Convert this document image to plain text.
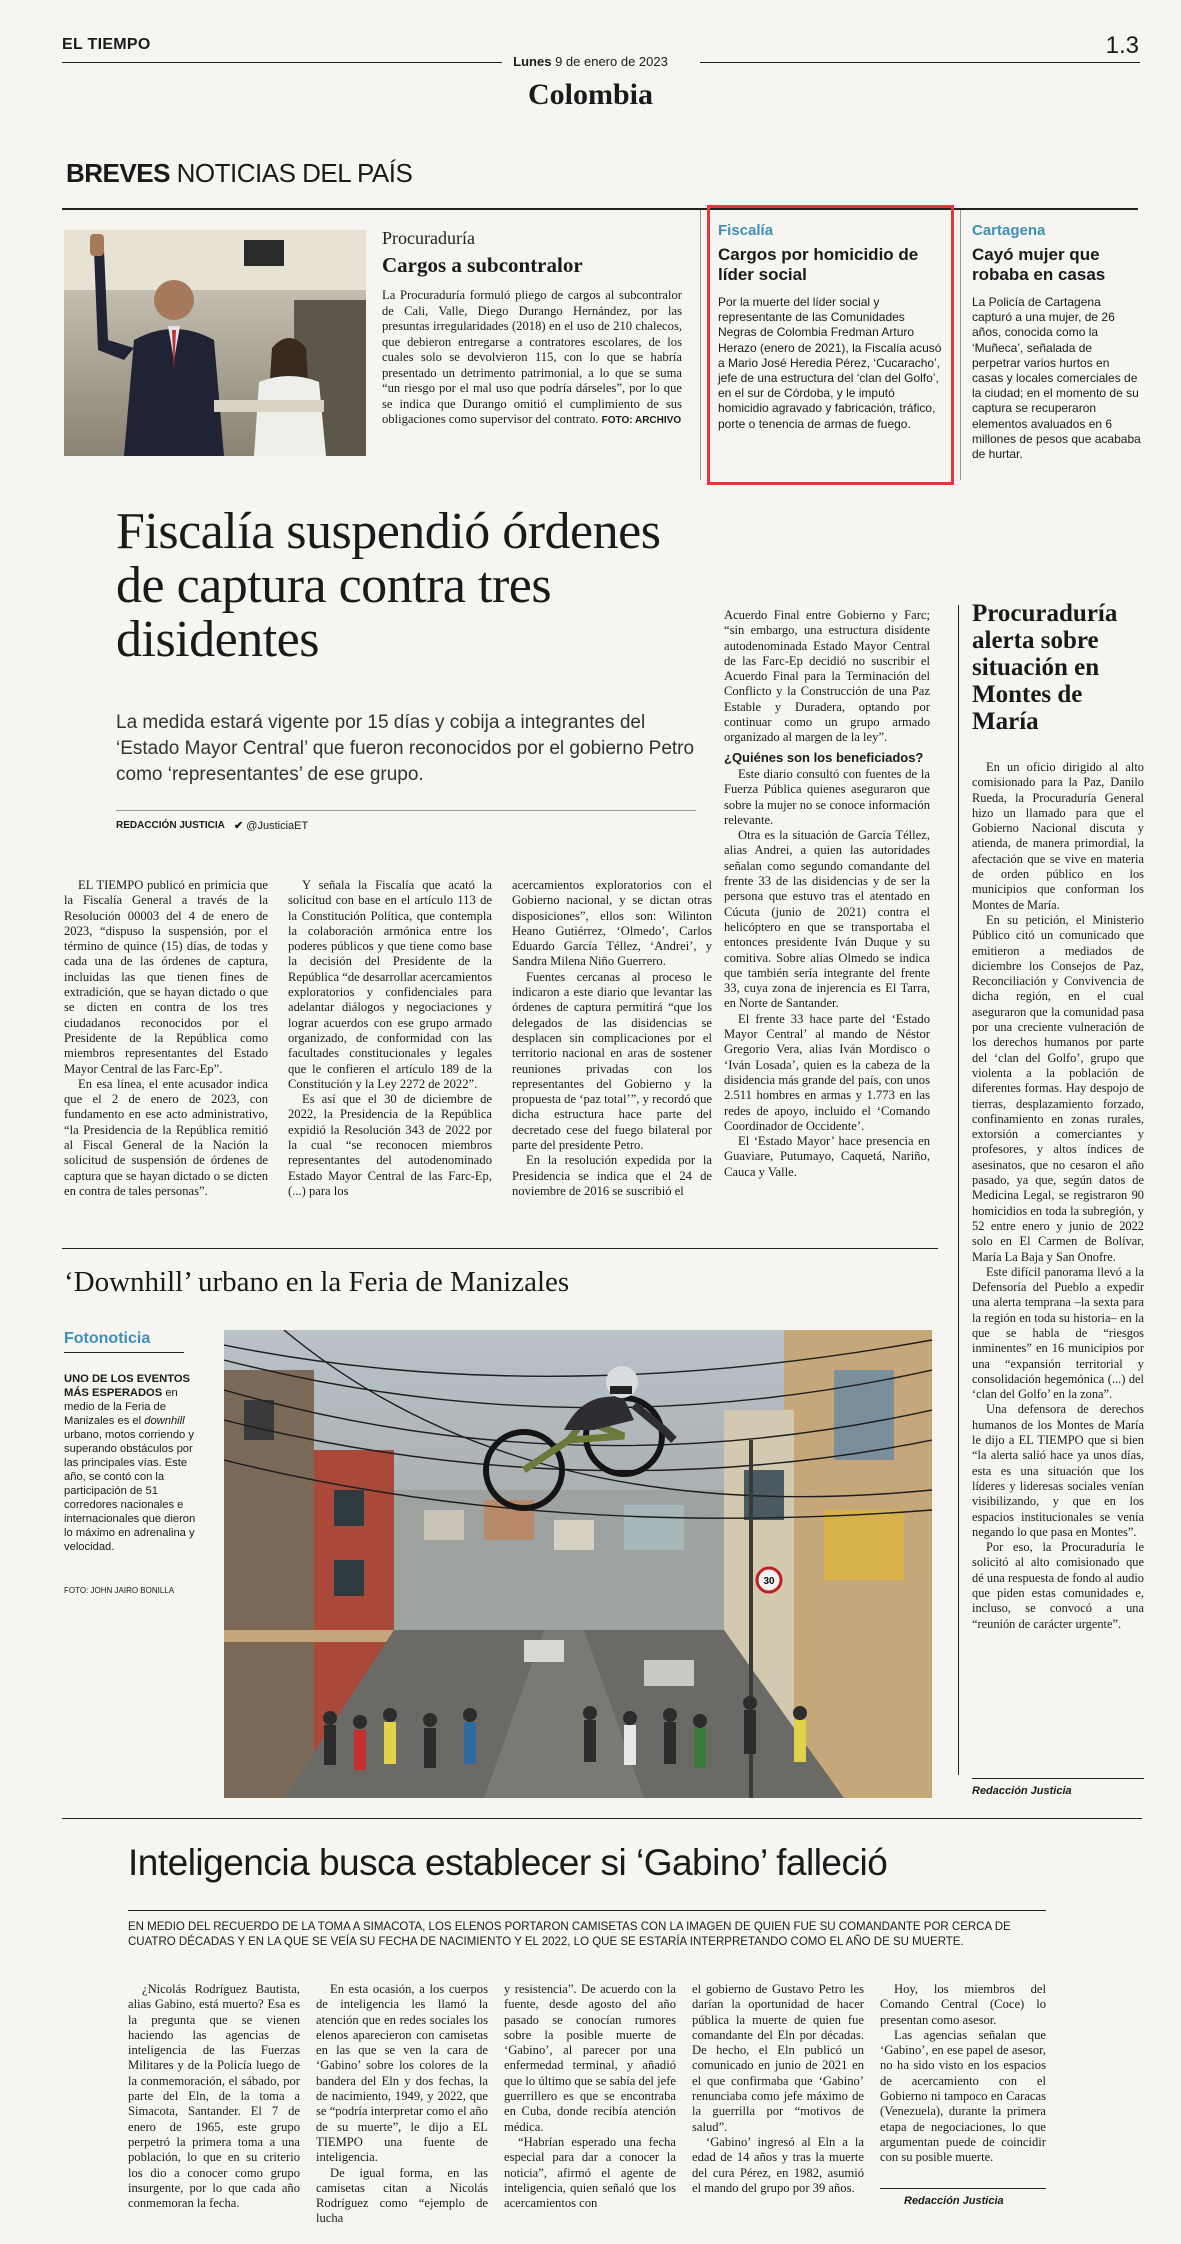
EL TIEMPO
Lunes 9 de enero de 2023
Colombia
1.3
BREVES NOTICIAS DEL PAÍS
Procuraduría
Cargos a subcontralor
La Procuraduría formuló pliego de cargos al subcontralor de Cali, Valle, Diego Durango Hernández, por las presuntas irregularidades (2018) en el uso de 210 chalecos, que debieron entregarse a contratores escolares, de los cuales solo se devolvieron 115, con lo que se habría presentado un detrimento patrimonial, a lo que se suma “un riesgo por el mal uso que podría dárseles”, por lo que se indica que Durango omitió el cumplimiento de sus obligaciones como supervisor del contrato. FOTO: ARCHIVO
Fiscalía
Cargos por homicidio de líder social
Por la muerte del líder social y representante de las Comunidades Negras de Colombia Fredman Arturo Herazo (enero de 2021), la Fiscalía acusó a Mario José Heredia Pérez, ‘Cucaracho’, jefe de una estructura del ‘clan del Golfo’, en el sur de Córdoba, y le imputó homicidio agravado y fabricación, tráfico, porte o tenencia de armas de fuego.
Cartagena
Cayó mujer que robaba en casas
La Policía de Cartagena capturó a una mujer, de 26 años, conocida como la ‘Muñeca’, señalada de perpetrar varios hurtos en casas y locales comerciales de la ciudad; en el momento de su captura se recuperaron elementos avaluados en 6 millones de pesos que acababa de hurtar.
Fiscalía suspendió órdenes de captura contra tres disidentes
La medida estará vigente por 15 días y cobija a integrantes del ‘Estado Mayor Central’ que fueron reconocidos por el gobierno Petro como ‘representantes’ de ese grupo.
REDACCIÓN JUSTICIA ✔ @JusticiaET

Acuerdo Final entre Gobierno y Farc; “sin embargo, una estructura disidente autodenominada Estado Mayor Central de las Farc-Ep decidió no suscribir el Acuerdo Final para la Terminación del Conflicto y la Construcción de una Paz Estable y Duradera, optando por continuar como un grupo armado organizado al margen de la ley”.

¿Quiénes son los beneficiados?

Este diario consultó con fuentes de la Fuerza Pública quienes aseguraron que sobre la mujer no se conoce información relevante.

Otra es la situación de García Téllez, alias Andrei, a quien las autoridades señalan como segundo comandante del frente 33 de las disidencias y de ser la persona que estuvo tras el atentado en Cúcuta (junio de 2021) contra el helicóptero en que se transportaba el entonces presidente Iván Duque y su comitiva. Sobre alias Olmedo se indica que también sería integrante del frente 33, cuya zona de injerencia es El Tarra, en Norte de Santander.

El frente 33 hace parte del ‘Estado Mayor Central’ al mando de Néstor Gregorio Vera, alias Iván Mordisco o ‘Iván Losada’, quien es la cabeza de la disidencia más grande del país, con unos 2.511 hombres en armas y 1.773 en las redes de apoyo, incluido el ‘Comando Coordinador de Occidente’.

El ‘Estado Mayor’ hace presencia en Guaviare, Putumayo, Caquetá, Nariño, Cauca y Valle.

EL TIEMPO publicó en primicia que la Fiscalía General a través de la Resolución 00003 del 4 de enero de 2023, “dispuso la suspensión, por el término de quince (15) días, de todas y cada una de las órdenes de captura, incluidas las que tienen fines de extradición, que se hayan dictado o que se dicten en contra de los tres ciudadanos reconocidos por el Presidente de la República como miembros representantes del Estado Mayor Central de las Farc-Ep”.

En esa línea, el ente acusador indica que el 2 de enero de 2023, con fundamento en ese acto administrativo, “la Presidencia de la República remitió al Fiscal General de la Nación la solicitud de suspensión de órdenes de captura que se hayan dictado o se dicten en contra de tales personas”.

Y señala la Fiscalía que acató la solicitud con base en el artículo 113 de la Constitución Política, que contempla la colaboración armónica entre los poderes públicos y que tiene como base la decisión del Presidente de la República “de desarrollar acercamientos exploratorios y confidenciales para adelantar diálogos y negociaciones y lograr acuerdos con ese grupo armado organizado, de conformidad con las facultades constitucionales y legales que le confieren el artículo 189 de la Constitución y la Ley 2272 de 2022”.

Es así que el 30 de diciembre de 2022, la Presidencia de la República expidió la Resolución 343 de 2022 por la cual “se reconocen miembros representantes del autodenominado Estado Mayor Central de las Farc-Ep, (...) para los

acercamientos exploratorios con el Gobierno nacional, y se dictan otras disposiciones”, ellos son: Wilinton Heano Gutiérrez, ‘Olmedo’, Carlos Eduardo García Téllez, ‘Andrei’, y Sandra Milena Niño Guerrero.

Fuentes cercanas al proceso le indicaron a este diario que levantar las órdenes de captura permitirá “que los delegados de las disidencias se desplacen sin complicaciones por el territorio nacional en aras de sostener reuniones privadas con los representantes del Gobierno y la propuesta de ‘paz total’”, y recordó que dicha estructura hace parte del decretado cese del fuego bilateral por parte del presidente Petro.

En la resolución expedida por la Presidencia se indica que el 24 de noviembre de 2016 se suscribió el

Procuraduría alerta sobre situación en Montes de María

En un oficio dirigido al alto comisionado para la Paz, Danilo Rueda, la Procuraduría General hizo un llamado para que el Gobierno Nacional discuta y atienda, de manera primordial, la afectación que se vive en materia de orden público en los municipios que conforman los Montes de María.

En su petición, el Ministerio Público citó un comunicado que emitieron a mediados de diciembre los Consejos de Paz, Reconciliación y Convivencia de dicha región, en el cual aseguraron que la comunidad pasa por una creciente vulneración de los derechos humanos por parte del ‘clan del Golfo’, grupo que violenta a la población de diferentes formas. Hay despojo de tierras, desplazamiento forzado, confinamiento en zonas rurales, extorsión a comerciantes y profesores, y altos índices de asesinatos, que no cesaron el año pasado, ya que, según datos de Medicina Legal, se registraron 90 homicidios en toda la subregión, y 52 entre enero y junio de 2022 solo en El Carmen de Bolívar, María La Baja y San Onofre.

Este difícil panorama llevó a la Defensoría del Pueblo a expedir una alerta temprana –la sexta para la región en toda su historia– en la que se habla de “riesgos inminentes” en 16 municipios por una “expansión territorial y consolidación hegemónica (...) del ‘clan del Golfo’ en la zona”.

Una defensora de derechos humanos de los Montes de María le dijo a EL TIEMPO que si bien “la alerta salió hace ya unos días, esta es una situación que los líderes y lideresas sociales venían visibilizando, y que en los espacios institucionales se venía negando lo que pasa en Montes”.

Por eso, la Procuraduría le solicitó al alto comisionado que dé una respuesta de fondo al audio que piden estas comunidades e, incluso, se convocó a una “reunión de carácter urgente”.

Redacción Justicia
‘Downhill’ urbano en la Feria de Manizales
Fotonoticia
UNO DE LOS EVENTOS MÁS ESPERADOS en medio de la Feria de Manizales es el downhill urbano, motos corriendo y superando obstáculos por las principales vías. Este año, se contó con la participación de 51 corredores nacionales e internacionales que dieron lo máximo en adrenalina y velocidad.
FOTO: JOHN JAIRO BONILLA
30
Inteligencia busca establecer si ‘Gabino’ falleció
EN MEDIO DEL RECUERDO DE LA TOMA A SIMACOTA, LOS ELENOS PORTARON CAMISETAS CON LA IMAGEN DE QUIEN FUE SU COMANDANTE POR CERCA DE CUATRO DÉCADAS Y EN LA QUE SE VEÍA SU FECHA DE NACIMIENTO Y EL 2022, LO QUE SE ESTARÍA INTERPRETANDO COMO EL AÑO DE SU MUERTE.

¿Nicolás Rodríguez Bautista, alias Gabino, está muerto? Esa es la pregunta que se vienen haciendo las agencias de inteligencia de las Fuerzas Militares y de la Policía luego de la conmemoración, el sábado, por parte del Eln, de la toma a Simacota, Santander. El 7 de enero de 1965, este grupo perpetró la primera toma a una población, lo que en su criterio los dio a conocer como grupo insurgente, por lo que cada año conmemoran la fecha.

En esta ocasión, a los cuerpos de inteligencia les llamó la atención que en redes sociales los elenos aparecieron con camisetas en las que se ven la cara de ‘Gabino’ sobre los colores de la bandera del Eln y dos fechas, la de nacimiento, 1949, y 2022, que se “podría interpretar como el año de su muerte”, le dijo a EL TIEMPO una fuente de inteligencia.

De igual forma, en las camisetas citan a Nicolás Rodríguez como “ejemplo de lucha

y resistencia”. De acuerdo con la fuente, desde agosto del año pasado se conocían rumores sobre la posible muerte de ‘Gabino’, al parecer por una enfermedad terminal, y añadió que lo último que se sabía del jefe guerrillero es que se encontraba en Cuba, donde recibía atención médica.

“Habrían esperado una fecha especial para dar a conocer la noticia”, afirmó el agente de inteligencia, quien señaló que los acercamientos con

el gobierno de Gustavo Petro les darían la oportunidad de hacer pública la muerte de quien fue comandante del Eln por décadas. De hecho, el Eln publicó un comunicado en junio de 2021 en el que confirmaba que ‘Gabino’ renunciaba como jefe máximo de la guerrilla por “motivos de salud”.

‘Gabino’ ingresó al Eln a la edad de 14 años y tras la muerte del cura Pérez, en 1982, asumió el mando del grupo por 39 años.

Hoy, los miembros del Comando Central (Coce) lo presentan como asesor.

Las agencias señalan que ‘Gabino’, en ese papel de asesor, no ha sido visto en los espacios de acercamiento con el Gobierno ni tampoco en Caracas (Venezuela), durante la primera etapa de negociaciones, lo que argumentan puede de coincidir con su posible muerte.

Redacción Justicia
